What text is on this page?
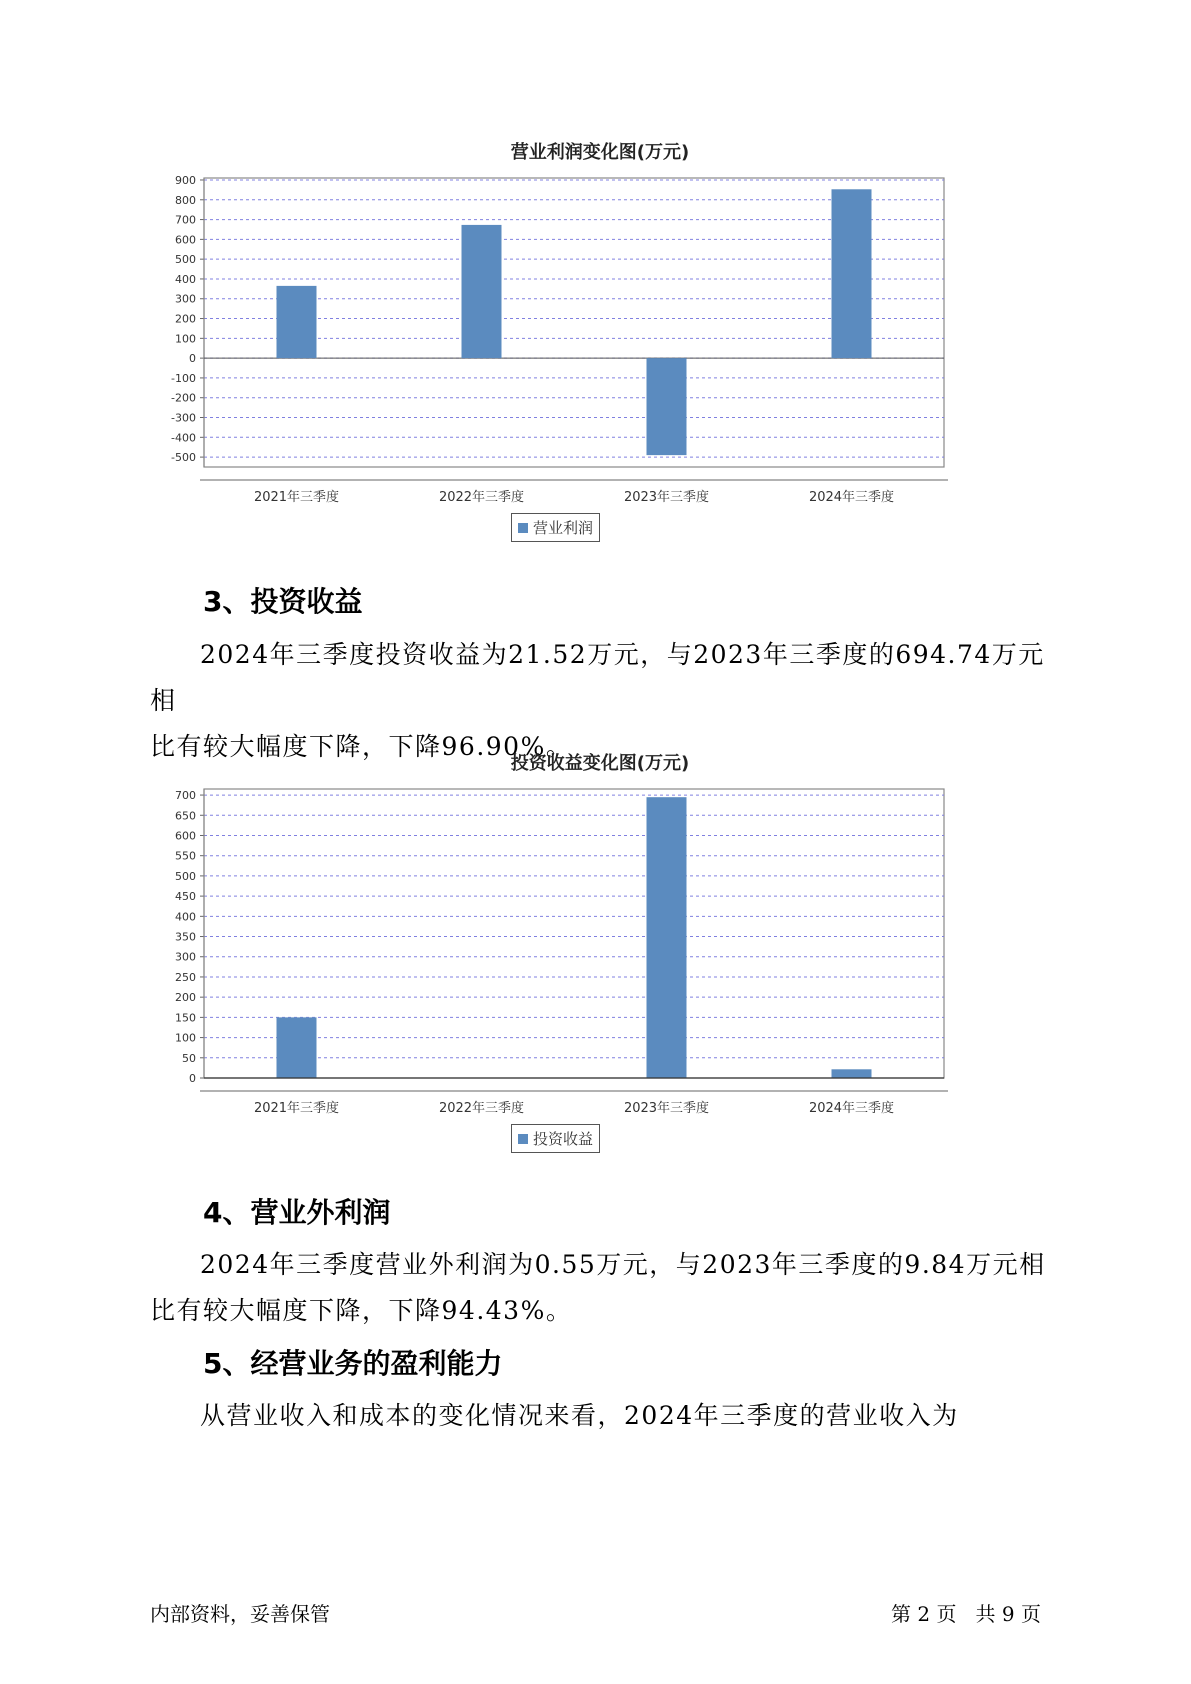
营业利润变化图(万元)
900
800
700
600
500
400
300
200
100
0
-100
-200
-300
-400
-500
2021年三季度	2022年三季度	2023年三季度	2024年三季度
营业利润
3、投资收益
2024年三季度投资收益为21.52万元，与2023年三季度的694.74万元相
比有较大幅度下降，下降96.90%。
投资收益变化图(万元)
700
650
600
550
500
450
400
350
300
250
200
150
100
50
0
2021年三季度	2022年三季度	2023年三季度	2024年三季度
投资收益
4、营业外利润
2024年三季度营业外利润为0.55万元，与2023年三季度的9.84万元相
比有较大幅度下降，下降94.43%。
5、经营业务的盈利能力
从营业收入和成本的变化情况来看，2024年三季度的营业收入为
内部资料，妥善保管	第 2 页   共 9 页
